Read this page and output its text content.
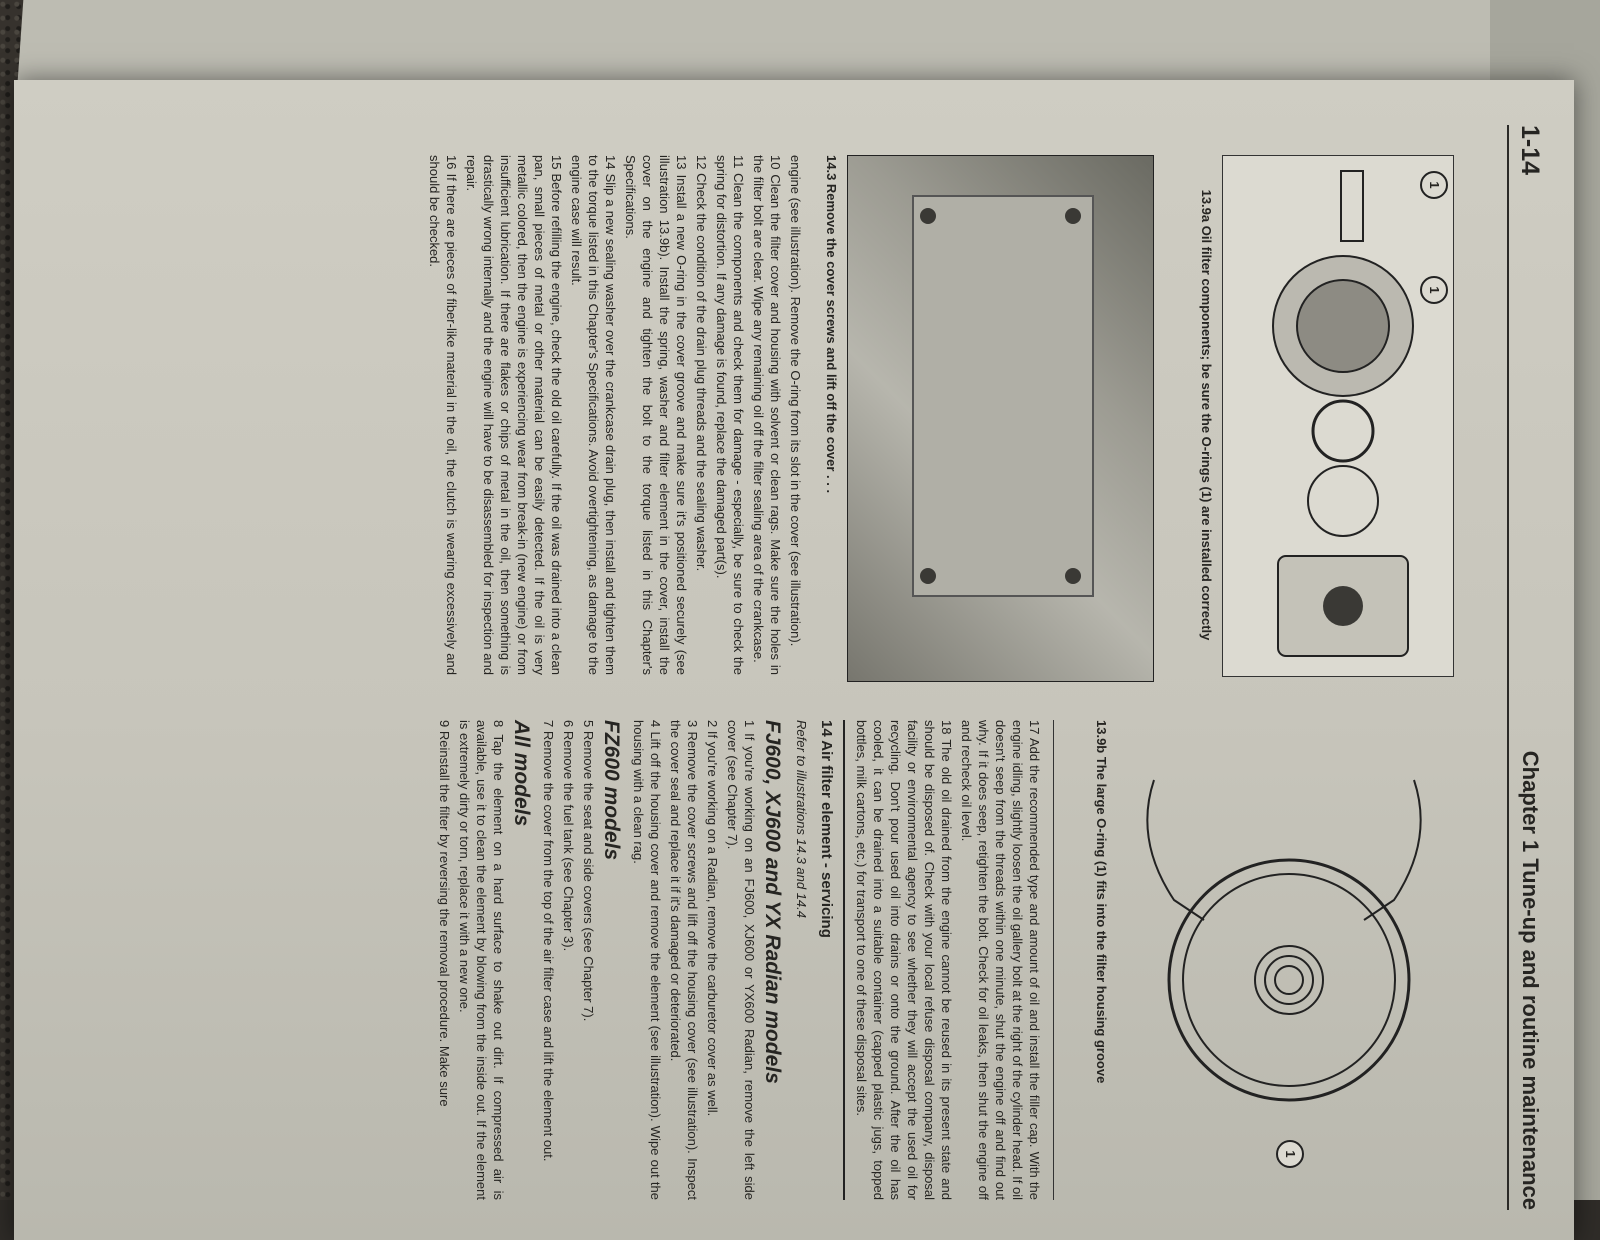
1-14
Chapter 1 Tune-up and routine maintenance
1
1
13.9a Oil filter components; be sure the O-rings (1) are installed correctly
14.3 Remove the cover screws and lift off the cover . . .

engine (see illustration). Remove the O-ring from its slot in the cover (see illustration).

10 Clean the filter cover and housing with solvent or clean rags. Make sure the holes in the filter bolt are clear. Wipe any remaining oil off the filter sealing area of the crankcase.

11 Clean the components and check them for damage - especially, be sure to check the spring for distortion. If any damage is found, replace the damaged part(s).

12 Check the condition of the drain plug threads and the sealing washer.

13 Install a new O-ring in the cover groove and make sure it's positioned securely (see illustration 13.9b). Install the spring, washer and filter element in the cover, install the cover on the engine and tighten the bolt to the torque listed in this Chapter's Specifications.

14 Slip a new sealing washer over the crankcase drain plug, then install and tighten them to the torque listed in this Chapter's Specifications. Avoid overtightening, as damage to the engine case will result.

15 Before refilling the engine, check the old oil carefully. If the oil was drained into a clean pan, small pieces of metal or other material can be easily detected. If the oil is very metallic colored, then the engine is experiencing wear from break-in (new engine) or from insufficient lubrication. If there are flakes or chips of metal in the oil, then something is drastically wrong internally and the engine will have to be disassembled for inspection and repair.

16 If there are pieces of fiber-like material in the oil, the clutch is wearing excessively and should be checked.

1
13.9b The large O-ring (1) fits into the filter housing groove

17 Add the recommended type and amount of oil and install the filler cap. With the engine idling, slightly loosen the oil gallery bolt at the right of the cylinder head. If oil doesn't seep from the threads within one minute, shut the engine off and find out why. If it does seep, retighten the bolt. Check for oil leaks, then shut the engine off and recheck oil level.

18 The old oil drained from the engine cannot be reused in its present state and should be disposed of. Check with your local refuse disposal company, disposal facility or environmental agency to see whether they will accept the used oil for recycling. Don't pour used oil into drains or onto the ground. After the oil has cooled, it can be drained into a suitable container (capped plastic jugs, topped bottles, milk cartons, etc.) for transport to one of these disposal sites.

14 Air filter element - servicing
Refer to illustrations 14.3 and 14.4
FJ600, XJ600 and YX Radian models

1 If you're working on an FJ600, XJ600 or YX600 Radian, remove the left side cover (see Chapter 7).

2 If you're working on a Radian, remove the carburetor cover as well.

3 Remove the cover screws and lift off the housing cover (see illustration). Inspect the cover seal and replace it if it's damaged or deteriorated.

4 Lift off the housing cover and remove the element (see illustration). Wipe out the housing with a clean rag.

FZ600 models

5 Remove the seat and side covers (see Chapter 7).

6 Remove the fuel tank (see Chapter 3).

7 Remove the cover from the top of the air filter case and lift the element out.

All models

8 Tap the element on a hard surface to shake out dirt. If compressed air is available, use it to clean the element by blowing from the inside out. If the element is extremely dirty or torn, replace it with a new one.

9 Reinstall the filter by reversing the removal procedure. Make sure
